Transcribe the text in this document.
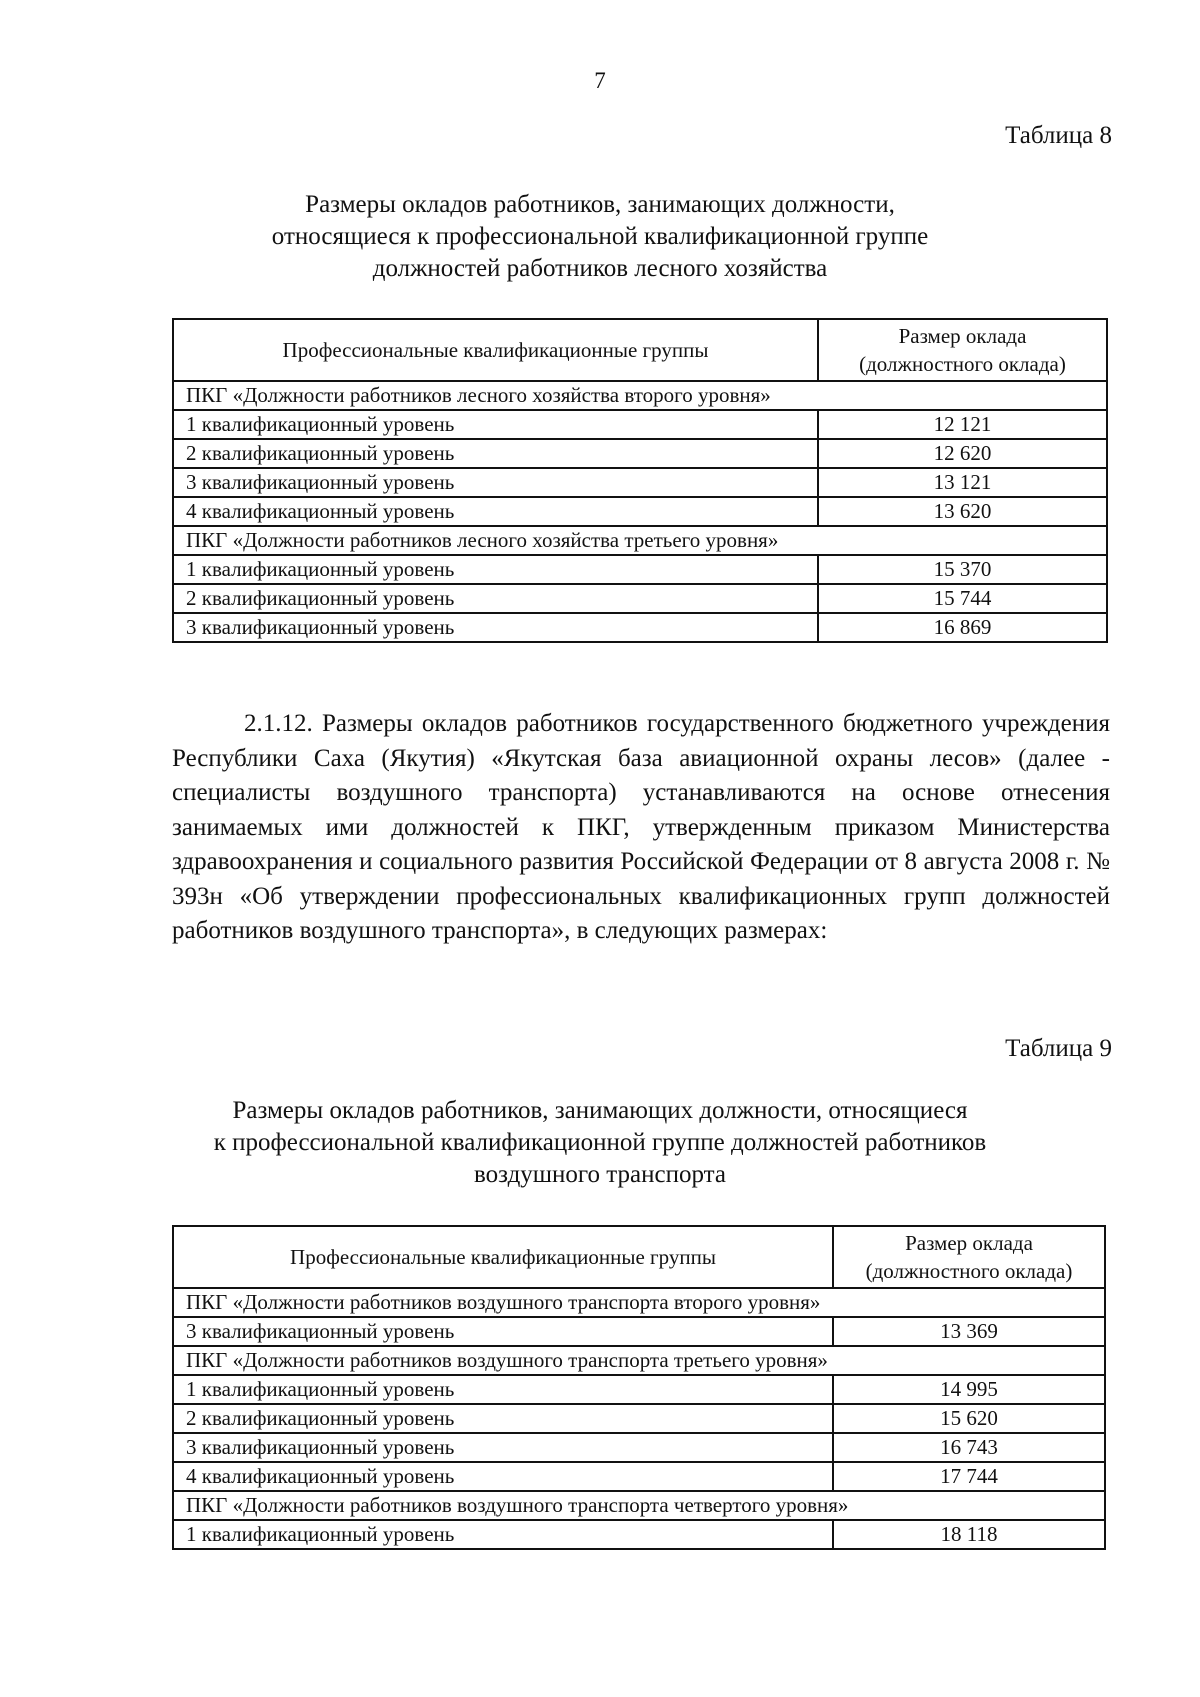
7
Таблица 8
Размеры окладов работников, занимающих должности,
относящиеся к профессиональной квалификационной группе
должностей работников лесного хозяйства
Профессиональные квалификационные группы	Размер оклада
(должностного оклада)

ПКГ «Должности работников лесного хозяйства второго уровня»	
1 квалификационный уровень	12 121
2 квалификационный уровень	12 620
3 квалификационный уровень	13 121
4 квалификационный уровень	13 620
ПКГ «Должности работников лесного хозяйства третьего уровня»	
1 квалификационный уровень	15 370
2 квалификационный уровень	15 744
3 квалификационный уровень	16 869
2.1.12. Размеры окладов работников государственного бюджетного учреждения Республики Саха (Якутия) «Якутская база авиационной охраны лесов» (далее - специалисты воздушного транспорта) устанавливаются на основе отнесения занимаемых ими должностей к ПКГ, утвержденным приказом Министерства здравоохранения и социального развития Российской Федерации от 8 августа 2008 г. № 393н «Об утверждении профессиональных квалификационных групп должностей работников воздушного транспорта», в следующих размерах:
Таблица 9
Размеры окладов работников, занимающих должности, относящиеся
к профессиональной квалификационной группе должностей работников
воздушного транспорта
Профессиональные квалификационные группы	Размер оклада
(должностного оклада)

ПКГ «Должности работников воздушного транспорта второго уровня»	
3 квалификационный уровень	13 369
ПКГ «Должности работников воздушного транспорта третьего уровня»	
1 квалификационный уровень	14 995
2 квалификационный уровень	15 620
3 квалификационный уровень	16 743
4 квалификационный уровень	17 744
ПКГ «Должности работников воздушного транспорта четвертого уровня»	
1 квалификационный уровень	18 118
